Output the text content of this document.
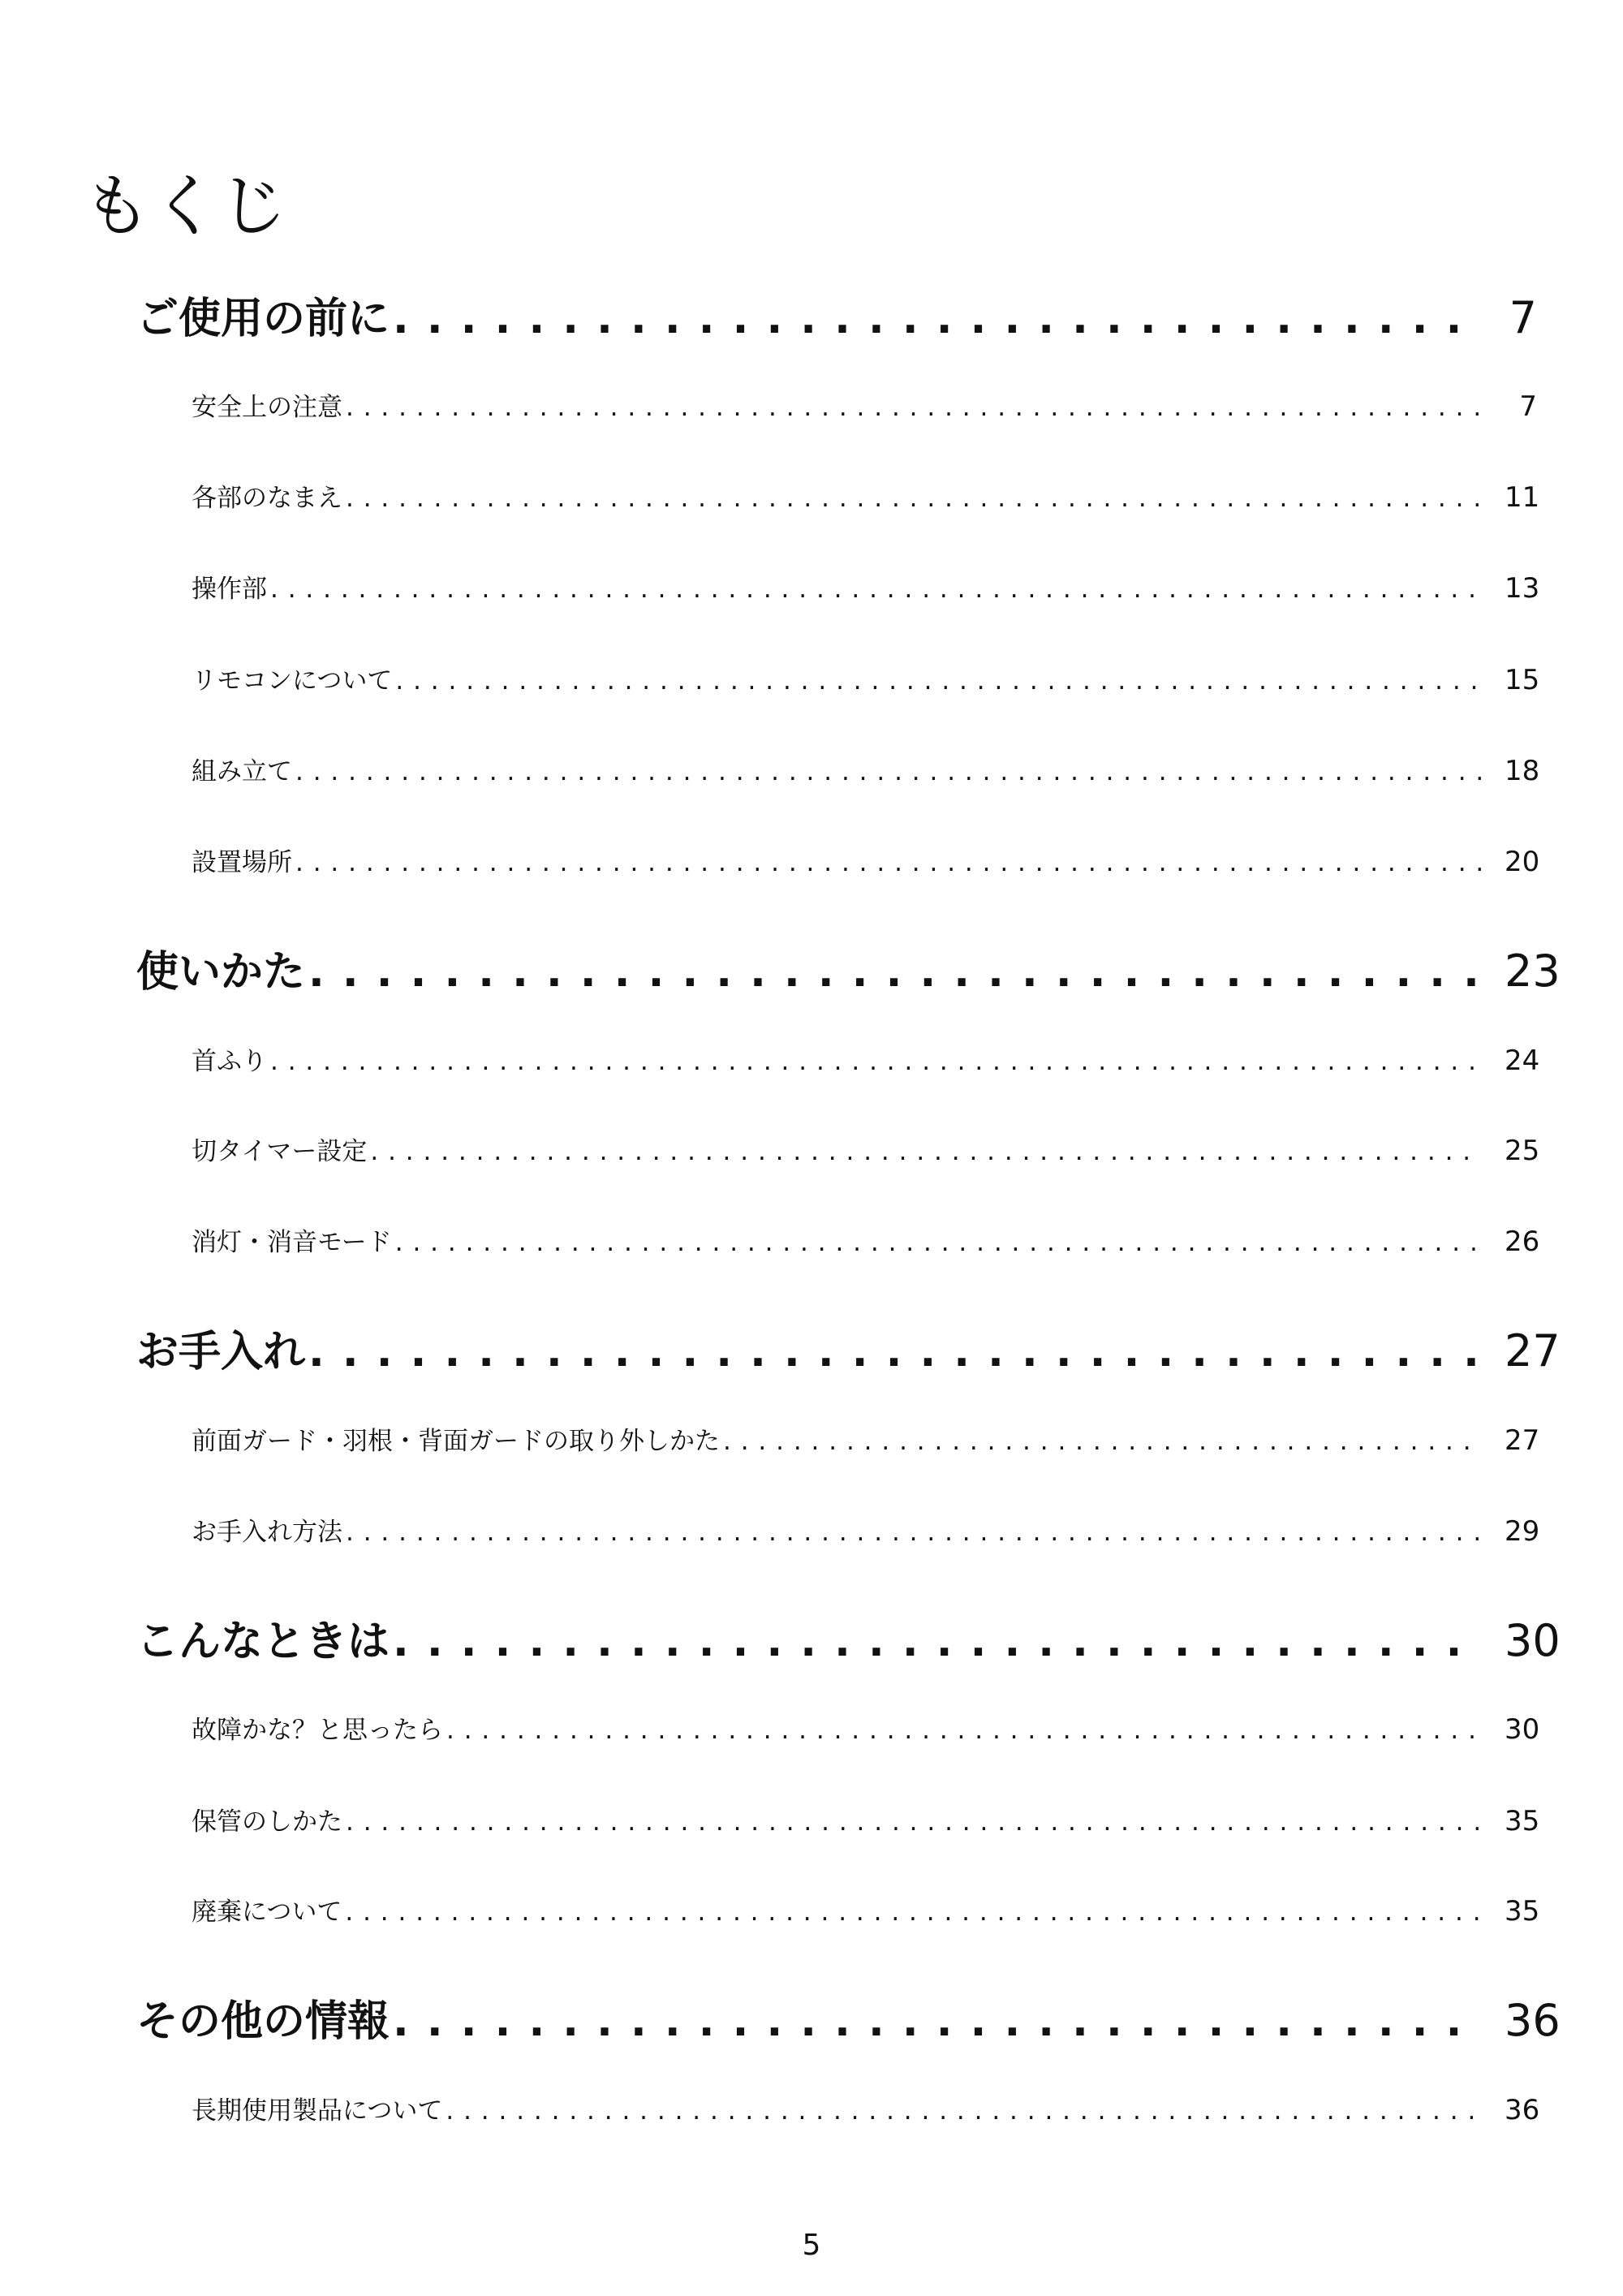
もくじ
ご使用の前に . . .	7
安全上の注意 . . .	7
各部のなまえ . . .	11
操作部 . . .	13
リモコンについて . . .	15
組み立て . . .	18
設置場所 . . .	20
使いかた . . .	23
首ふり . . .	24
切タイマー設定 . . .	25
消灯・消音モード . . .	26
お手入れ . . .	27
前面ガード・羽根・背面ガードの取り外しかた . . .	27
お手入れ方法 . . .	29
こんなときは . . .	30
故障かな？と思ったら . . .	30
保管のしかた . . .	35
廃棄について . . .	35
その他の情報 . . .	36
長期使用製品について . . .	36
5
